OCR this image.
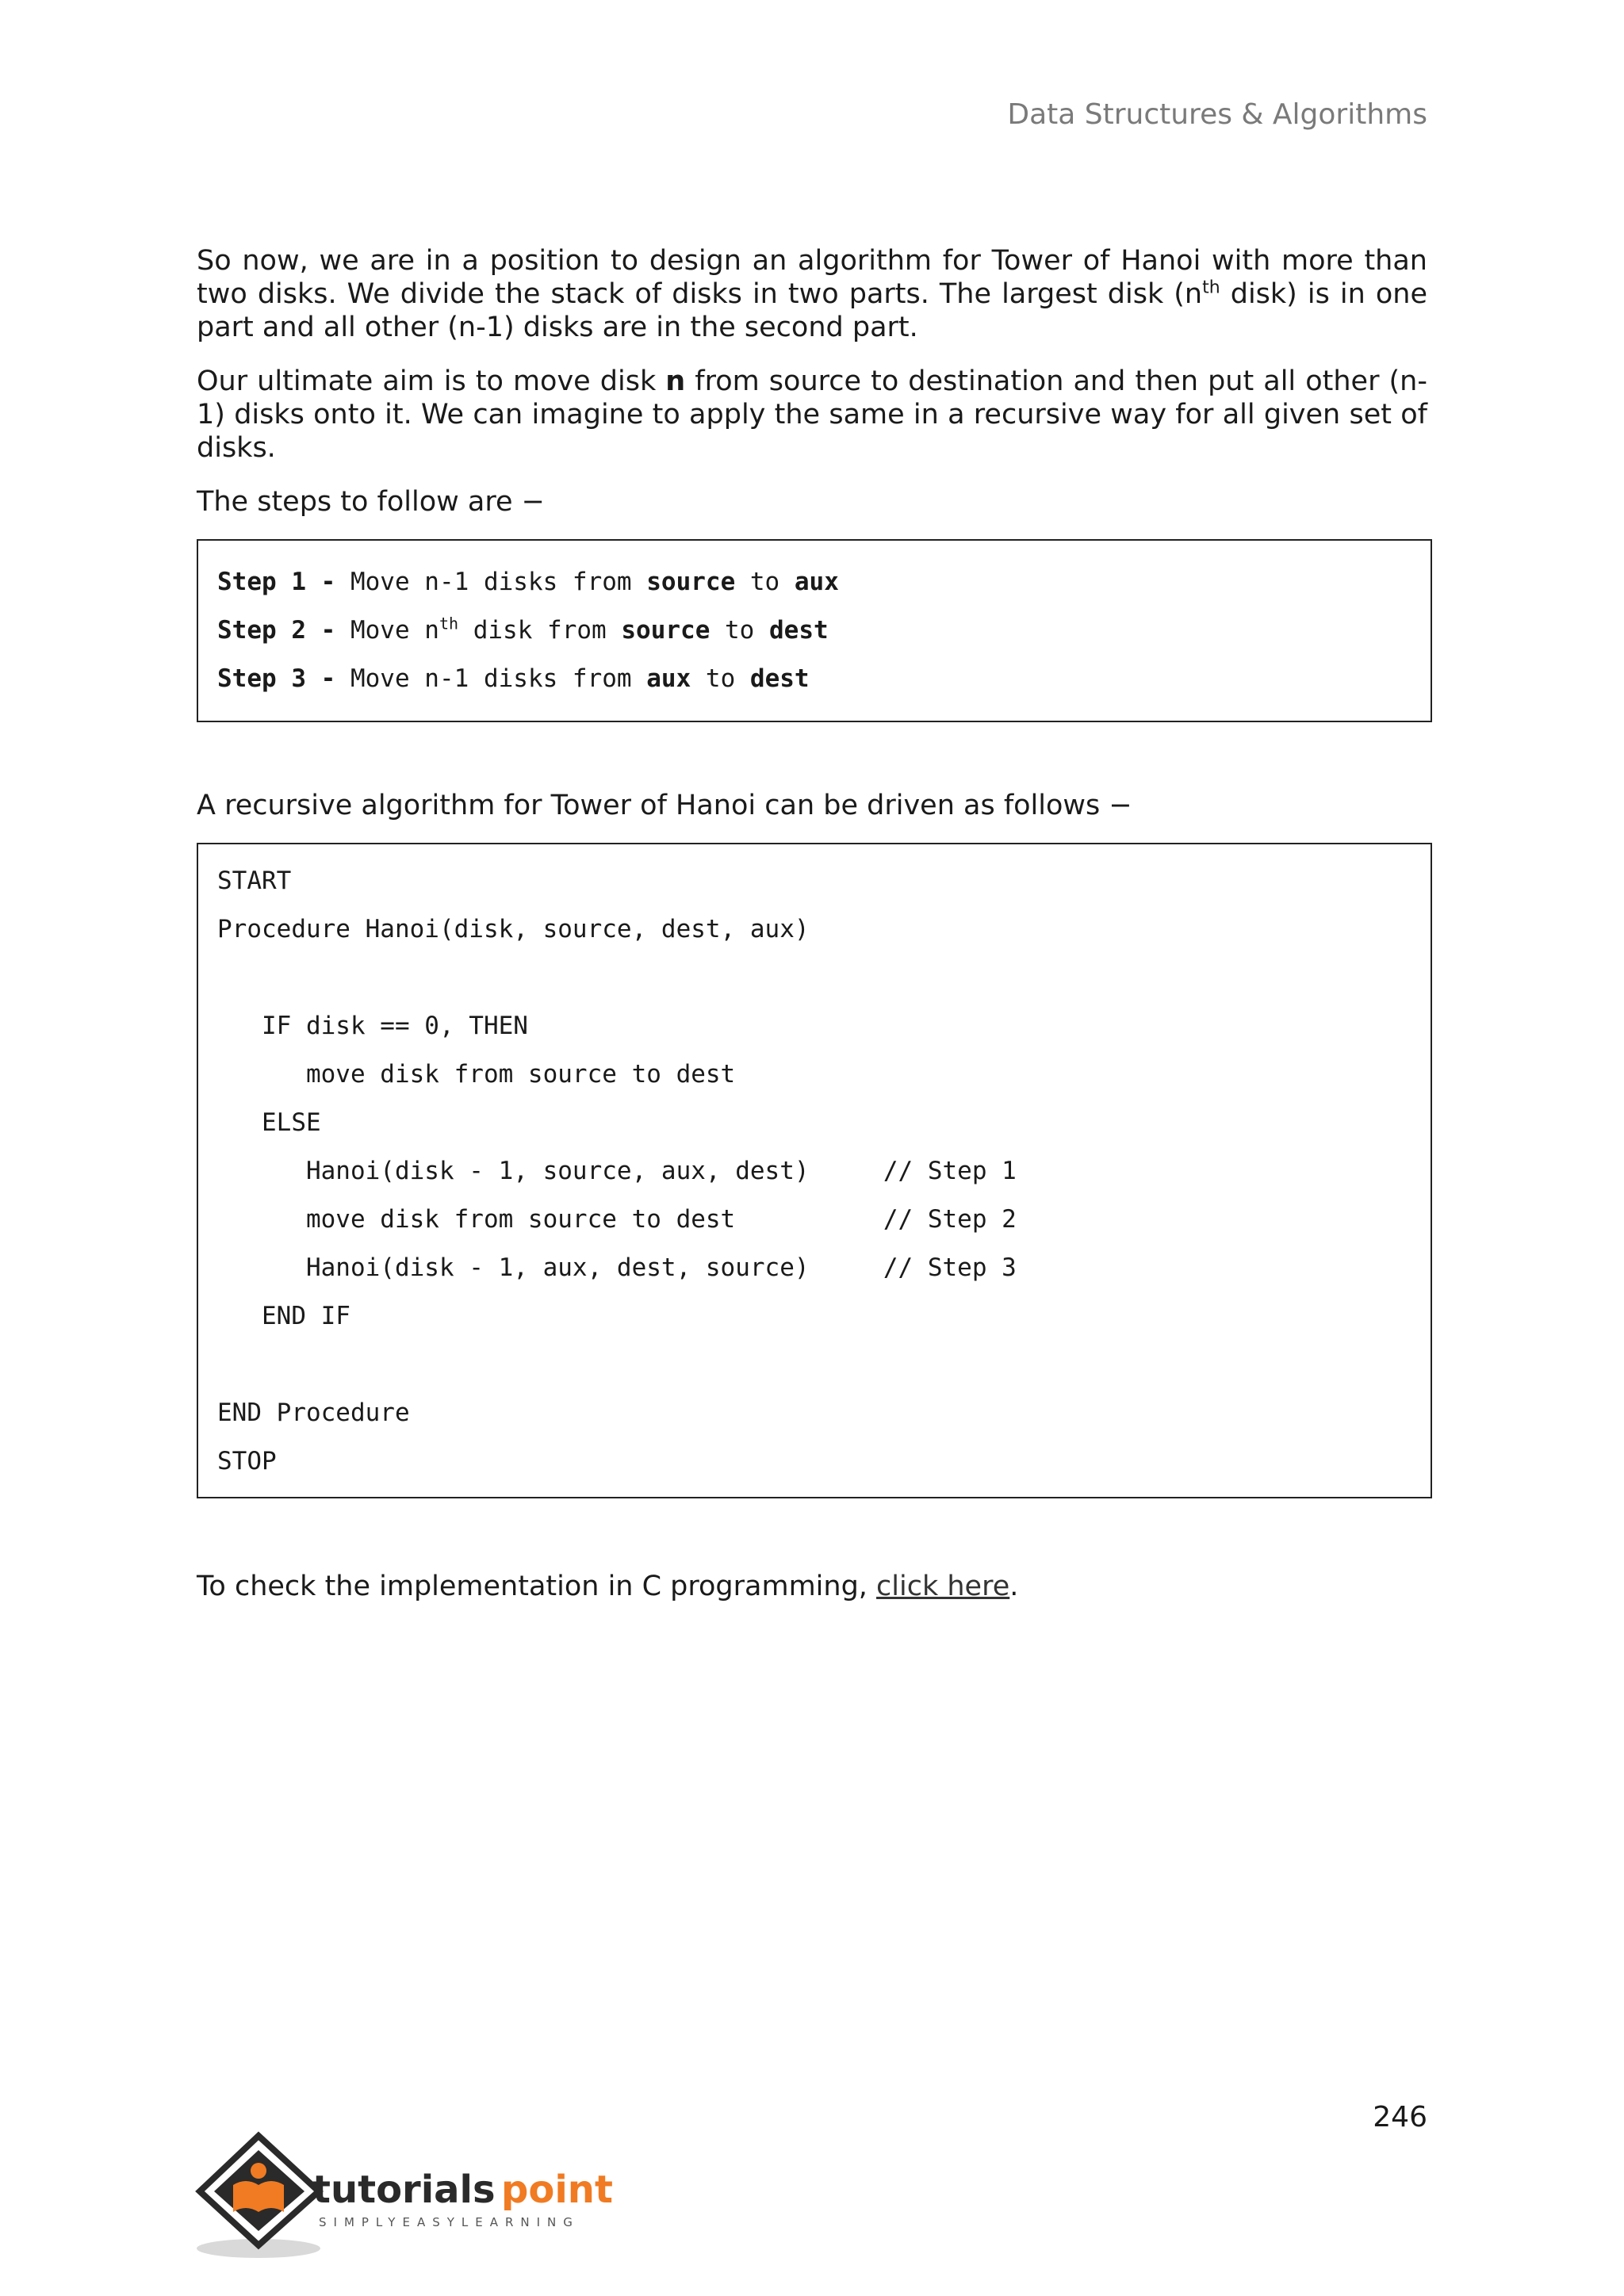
Data Structures & Algorithms

So now, we are in a position to design an algorithm for Tower of Hanoi with more than two disks. We divide the stack of disks in two parts. The largest disk ($n^{th}$ disk) is in one part and all other (n-1) disks are in the second part.

Our ultimate aim is to move disk n from source to destination and then put all other (n-1) disks onto it. We can imagine to apply the same in a recursive way for all given set of disks.

The steps to follow are −

Step 1 - Move n-1 disks from source to aux
Step 2 - Move $n^{th}$ disk from source to dest
Step 3 - Move n-1 disks from aux to dest

A recursive algorithm for Tower of Hanoi can be driven as follows −

START
Procedure Hanoi(disk, source, dest, aux)
IF disk == 0, THEN
move disk from source to dest
ELSE
Hanoi(disk - 1, source, aux, dest)     // Step 1
move disk from source to dest          // Step 2
Hanoi(disk - 1, aux, dest, source)     // Step 3
END IF
END Procedure
STOP

To check the implementation in C programming, click here.

246
tutorials point
SIMPLYEASYLEARNING
